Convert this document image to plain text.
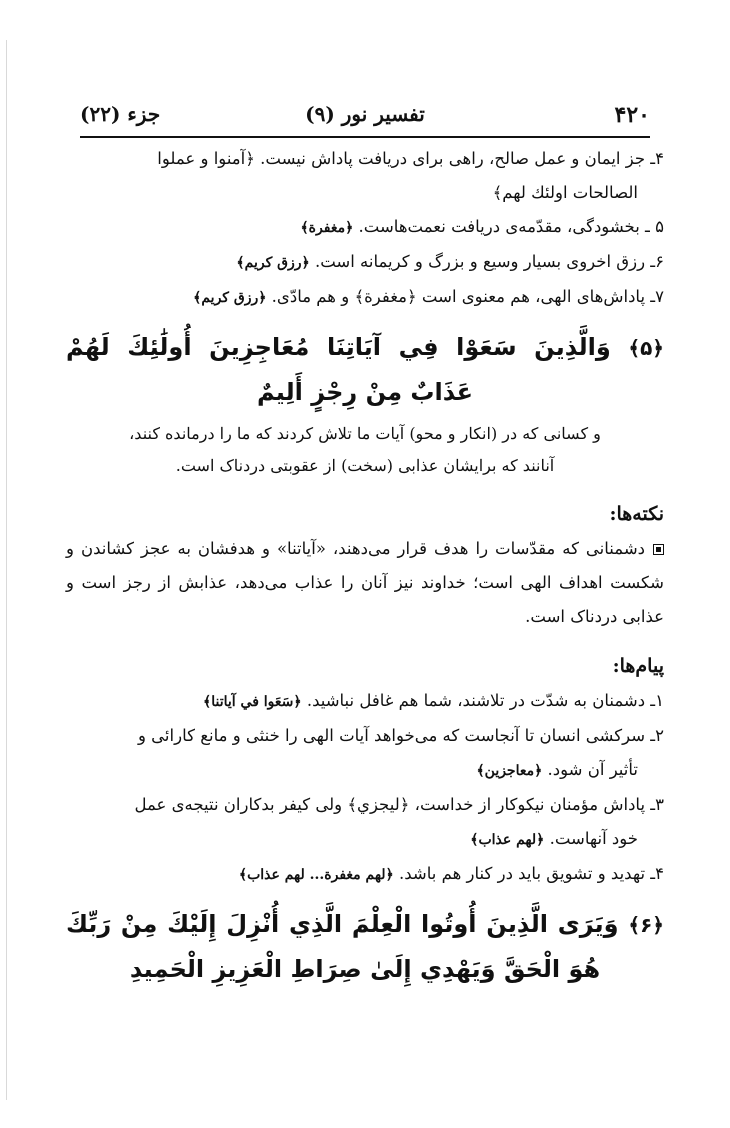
۴۲۰
تفسیر نور (۹)
جزء (۲۲)

۴ـ جز ایمان و عمل صالح، راهی برای دریافت پاداش نیست. ﴿آمنوا و عملوا
الصالحات اولئك لهم﴾

۵ ـ بخشودگی، مقدّمه‌ی دریافت نعمت‌هاست. ﴿مغفرة﴾

۶ـ رزق اخروی بسیار وسیع و بزرگ و کریمانه است. ﴿رزق كريم﴾

۷ـ پاداش‌های الهی، هم معنوی است ﴿مغفرة﴾ و هم مادّی. ﴿رزق كريم﴾

﴿۵﴾ وَالَّذِينَ سَعَوْا فِي آيَاتِنَا مُعَاجِزِينَ أُولَٰئِكَ لَهُمْ عَذَابٌ مِنْ رِجْزٍ أَلِيمٌ
و کسانی که در (انکار و محو) آیات ما تلاش کردند که ما را درمانده کنند،
آنانند که برایشان عذابی (سخت) از عقوبتی دردناک است.
نکته‌ها:
دشمنانی که مقدّسات را هدف قرار می‌دهند، «آیاتنا» و هدفشان به عجز کشاندن و شکست اهداف الهی است؛ خداوند نیز آنان را عذاب می‌دهد، عذابش از رجز است و عذابی دردناک است.
پیام‌ها:

۱ـ دشمنان به شدّت در تلاشند، شما هم غافل نباشید. ﴿سَعَوا في آياتنا﴾

۲ـ سرکشی انسان تا آنجاست که می‌خواهد آیات الهی را خنثی و مانع کارائی و
تأثیر آن شود. ﴿معاجزين﴾

۳ـ پاداش مؤمنان نیکوکار از خداست، ﴿ليجزي﴾ ولی کیفر بدکاران نتیجه‌ی عمل
خود آنهاست. ﴿لهم عذاب﴾

۴ـ تهدید و تشویق باید در کنار هم باشد. ﴿لهم مغفرة... لهم عذاب﴾

﴿۶﴾ وَيَرَى الَّذِينَ أُوتُوا الْعِلْمَ الَّذِي أُنْزِلَ إِلَيْكَ مِنْ رَبِّكَ هُوَ الْحَقَّ وَيَهْدِي إِلَىٰ صِرَاطِ الْعَزِيزِ الْحَمِيدِ
